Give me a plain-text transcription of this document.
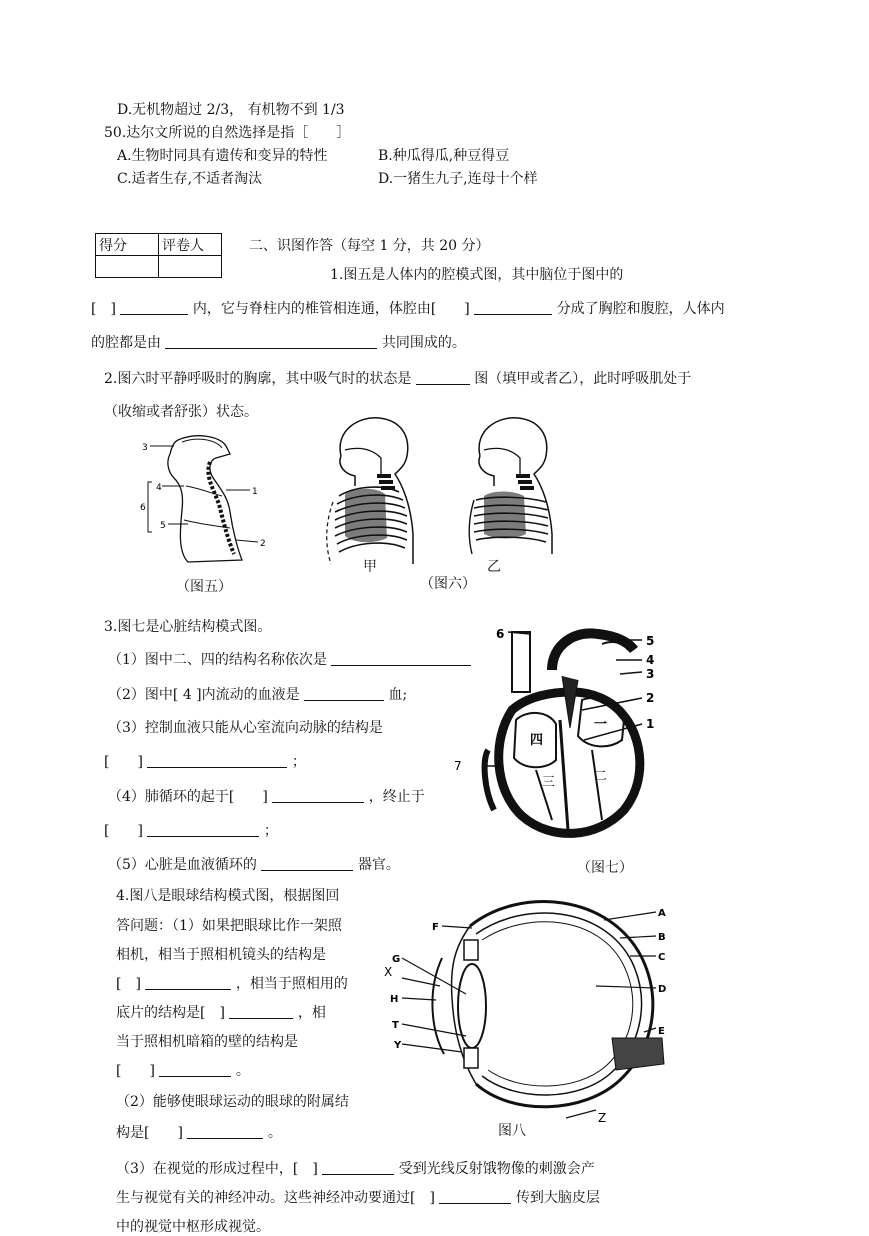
D.无机物超过 2/3， 有机物不到 1/3
50.达尔文所说的自然选择是指［　　］
A.生物时同具有遗传和变异的特性	B.种瓜得瓜,种豆得豆
C.适者生存,不适者淘汰	D.一猪生九子,连母十个样
得分	评卷人
		二、识图作答（每空 1 分，共 20 分）
1.图五是人体内的腔模式图，其中脑位于图中的
[　]	内，它与脊柱内的椎管相连通，体腔由[　　]	分成了胸腔和腹腔，人体内
的腔都是由	共同围成的。
2.图六时平静呼吸时的胸廓，其中吸气时的状态是	图（填甲或者乙），此时呼吸肌处于
（收缩或者舒张）状态。
3
4
6
5
1
2
（图五）
甲	乙
（图六）
3.图七是心脏结构模式图。
（1）图中二、四的结构名称依次是
（2）图中[ 4 ]内流动的血液是	血;
（3）控制血液只能从心室流向动脉的结构是
[　　]	；
（4）肺循环的起于[　　]	，终止于
[　　]	；
（5）心脏是血液循环的	器官。
6	5
4
3
2
1
7
四
一
三	二
（图七）
4.图八是眼球结构模式图，根据图回
答问题：（1）如果把眼球比作一架照
相机，相当于照相机镜头的结构是
[　]	，相当于照相用的
底片的结构是[　]	，相
当于照相机暗箱的壁的结构是
[　　]	。
（2）能够使眼球运动的眼球的附属结
构是[　　]	。
F
G
X
H
T
Y
A
B
C
D
E
Z
图八
（3）在视觉的形成过程中，[　]	受到光线反射饿物像的刺激会产
生与视觉有关的神经冲动。这些神经冲动要通过[　]	传到大脑皮层
中的视觉中枢形成视觉。
